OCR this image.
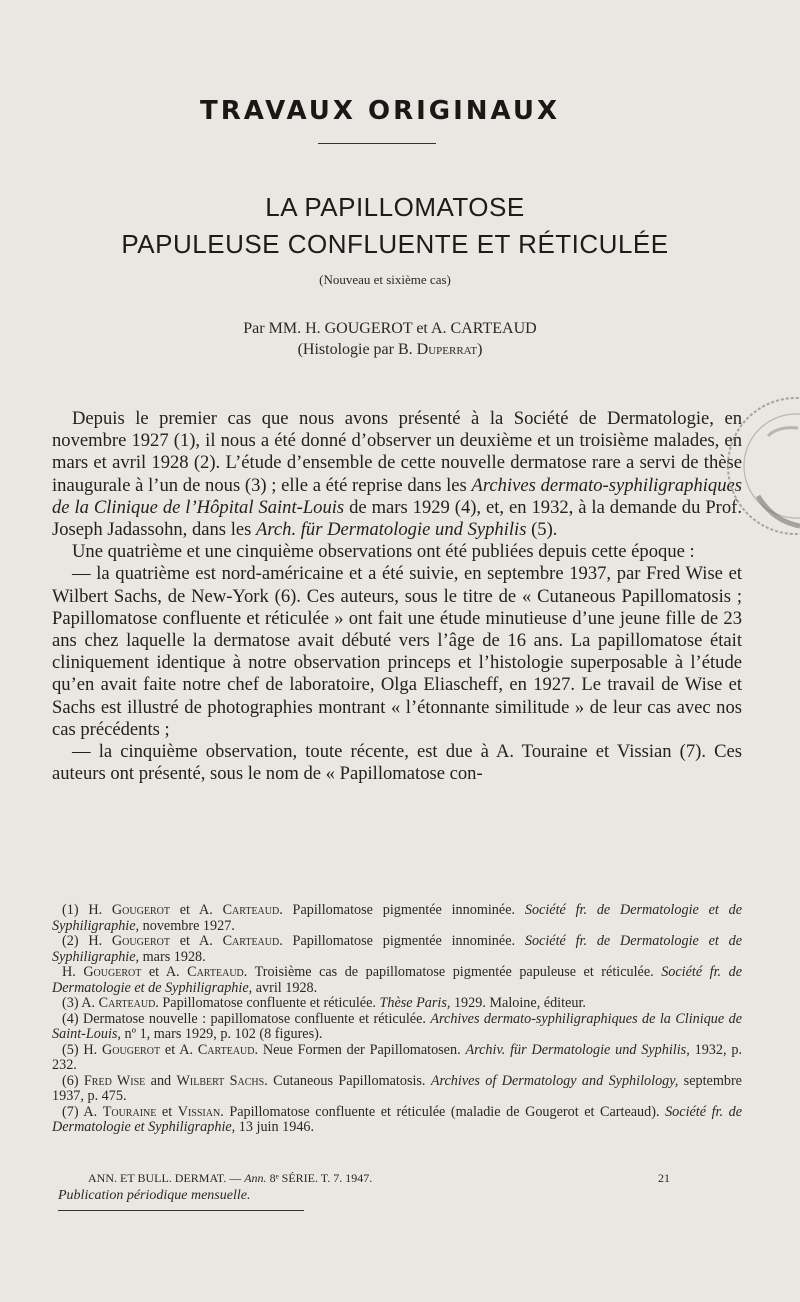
TRAVAUX ORIGINAUX
LA PAPILLOMATOSE
PAPULEUSE CONFLUENTE ET RÉTICULÉE
(Nouveau et sixième cas)
Par MM. H. GOUGEROT et A. CARTEAUD
(Histologie par B. Duperrat)

Depuis le premier cas que nous avons présenté à la Société de Dermatologie, en novembre 1927 (1), il nous a été donné d’observer un deuxième et un troisième malades, en mars et avril 1928 (2). L’étude d’ensemble de cette nouvelle dermatose rare a servi de thèse inaugurale à l’un de nous (3) ; elle a été reprise dans les Archives dermato-syphiligraphiques de la Clinique de l’Hôpital Saint-Louis de mars 1929 (4), et, en 1932, à la demande du Prof. Joseph Jadassohn, dans les Arch. für Dermatologie und Syphilis (5).

Une quatrième et une cinquième observations ont été publiées depuis cette époque :

— la quatrième est nord-américaine et a été suivie, en septembre 1937, par Fred Wise et Wilbert Sachs, de New-York (6). Ces auteurs, sous le titre de « Cutaneous Papillomatosis ; Papillomatose confluente et réticulée » ont fait une étude minutieuse d’une jeune fille de 23 ans chez laquelle la dermatose avait débuté vers l’âge de 16 ans. La papillomatose était cliniquement identique à notre observation princeps et l’histologie superposable à l’étude qu’en avait faite notre chef de laboratoire, Olga Eliascheff, en 1927. Le travail de Wise et Sachs est illustré de photographies montrant « l’étonnante similitude » de leur cas avec nos cas précédents ;

— la cinquième observation, toute récente, est due à A. Touraine et Vissian (7). Ces auteurs ont présenté, sous le nom de « Papillomatose con-

(1) H. Gougerot et A. Carteaud. Papillomatose pigmentée innominée. Société fr. de Dermatologie et de Syphiligraphie, novembre 1927.

(2) H. Gougerot et A. Carteaud. Papillomatose pigmentée innominée. Société fr. de Dermatologie et de Syphiligraphie, mars 1928.

H. Gougerot et A. Carteaud. Troisième cas de papillomatose pigmentée papuleuse et réticulée. Société fr. de Dermatologie et de Syphiligraphie, avril 1928.

(3) A. Carteaud. Papillomatose confluente et réticulée. Thèse Paris, 1929. Maloine, éditeur.

(4) Dermatose nouvelle : papillomatose confluente et réticulée. Archives dermato-syphiligraphiques de la Clinique de Saint-Louis, nº 1, mars 1929, p. 102 (8 figures).

(5) H. Gougerot et A. Carteaud. Neue Formen der Papillomatosen. Archiv. für Dermatologie und Syphilis, 1932, p. 232.

(6) Fred Wise and Wilbert Sachs. Cutaneous Papillomatosis. Archives of Dermatology and Syphilology, septembre 1937, p. 475.

(7) A. Touraine et Vissian. Papillomatose confluente et réticulée (maladie de Gougerot et Carteaud). Société fr. de Dermatologie et Syphiligraphie, 13 juin 1946.

ANN. ET BULL. DERMAT. — Ann. 8ᵉ SÉRIE. T. 7. 1947.	21
Publication périodique mensuelle.
